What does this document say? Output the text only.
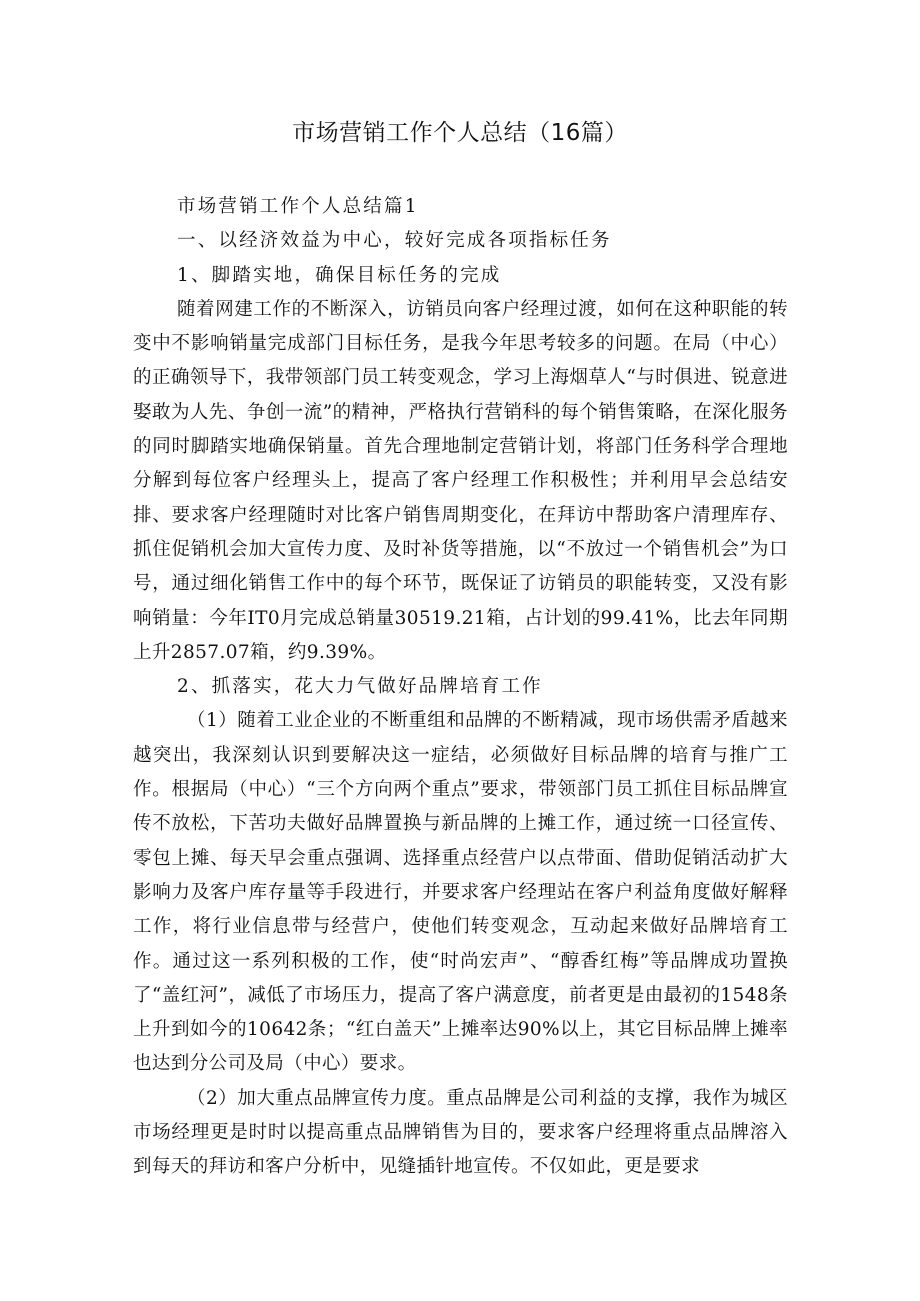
市场营销工作个人总结（16篇）

市场营销工作个人总结篇1

一、以经济效益为中心，较好完成各项指标任务

1、脚踏实地，确保目标任务的完成

随着网建工作的不断深入，访销员向客户经理过渡，如何在这种职能的转变中不影响销量完成部门目标任务，是我今年思考较多的问题。在局（中心）的正确领导下，我带领部门员工转变观念，学习上海烟草人“与时俱进、锐意进娶敢为人先、争创一流”的精神，严格执行营销科的每个销售策略，在深化服务的同时脚踏实地确保销量。首先合理地制定营销计划，将部门任务科学合理地分解到每位客户经理头上，提高了客户经理工作积极性；并利用早会总结安排、要求客户经理随时对比客户销售周期变化，在拜访中帮助客户清理库存、抓住促销机会加大宣传力度、及时补货等措施，以“不放过一个销售机会”为口号，通过细化销售工作中的每个环节，既保证了访销员的职能转变，又没有影响销量：今年IT0月完成总销量30519.21箱，占计划的99.41%，比去年同期上升2857.07箱，约9.39%。

2、抓落实，花大力气做好品牌培育工作

（1）随着工业企业的不断重组和品牌的不断精减，现市场供需矛盾越来越突出，我深刻认识到要解决这一症结，必须做好目标品牌的培育与推广工作。根据局（中心）“三个方向两个重点”要求，带领部门员工抓住目标品牌宣传不放松，下苦功夫做好品牌置换与新品牌的上摊工作，通过统一口径宣传、零包上摊、每天早会重点强调、选择重点经营户以点带面、借助促销活动扩大影响力及客户库存量等手段进行，并要求客户经理站在客户利益角度做好解释工作，将行业信息带与经营户，使他们转变观念，互动起来做好品牌培育工作。通过这一系列积极的工作，使“时尚宏声”、“醇香红梅”等品牌成功置换了“盖红河”，减低了市场压力，提高了客户满意度，前者更是由最初的1548条上升到如今的10642条；“红白盖天”上摊率达90%以上，其它目标品牌上摊率也达到分公司及局（中心）要求。

（2）加大重点品牌宣传力度。重点品牌是公司利益的支撑，我作为城区市场经理更是时时以提高重点品牌销售为目的，要求客户经理将重点品牌溶入到每天的拜访和客户分析中，见缝插针地宣传。不仅如此，更是要求
